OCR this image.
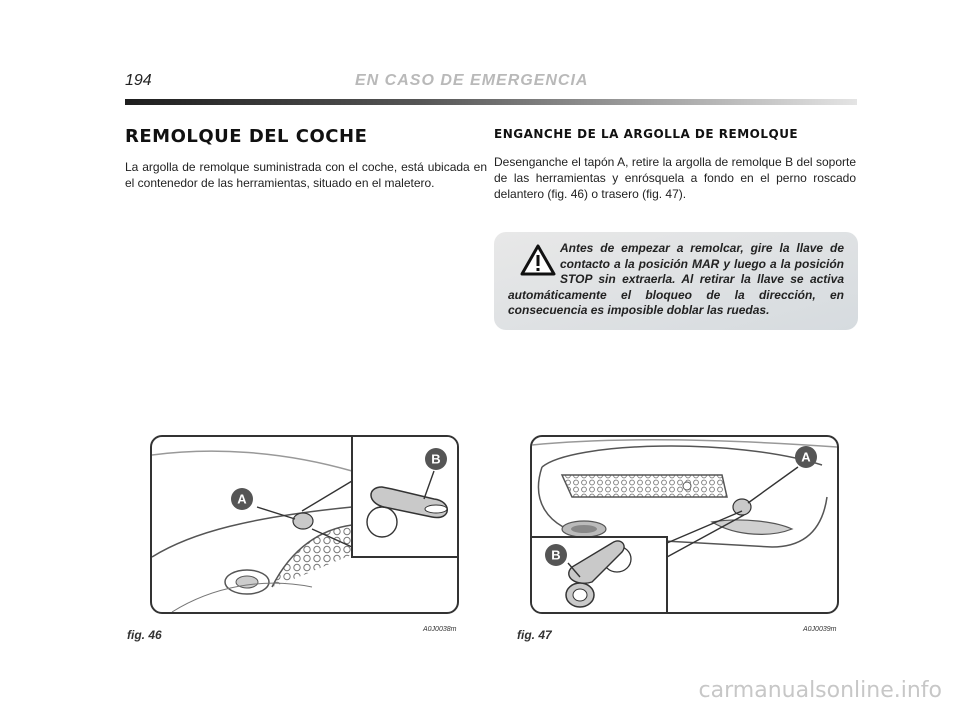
194	EN CASO DE EMERGENCIA
REMOLQUE DEL COCHE
La argolla de remolque suministrada con el coche, está ubicada en el contenedor de las herramientas, situado en el maletero.
ENGANCHE DE LA ARGOLLA DE REMOLQUE
Desenganche el tapón A, retire la argolla de remolque B del soporte de las herramientas y enrósquela a fondo en el perno roscado delantero (fig. 46) o trasero (fig. 47).
Antes de empezar a remolcar, gire la llave de contacto a la posición MAR y luego a la posición STOP sin extraerla. Al retirar la llave se activa automáticamente el bloqueo de la dirección, en consecuencia es imposible doblar las ruedas.
A
B
fig. 46	A0J0038m
A
B
fig. 47	A0J0039m
carmanualsonline.info
